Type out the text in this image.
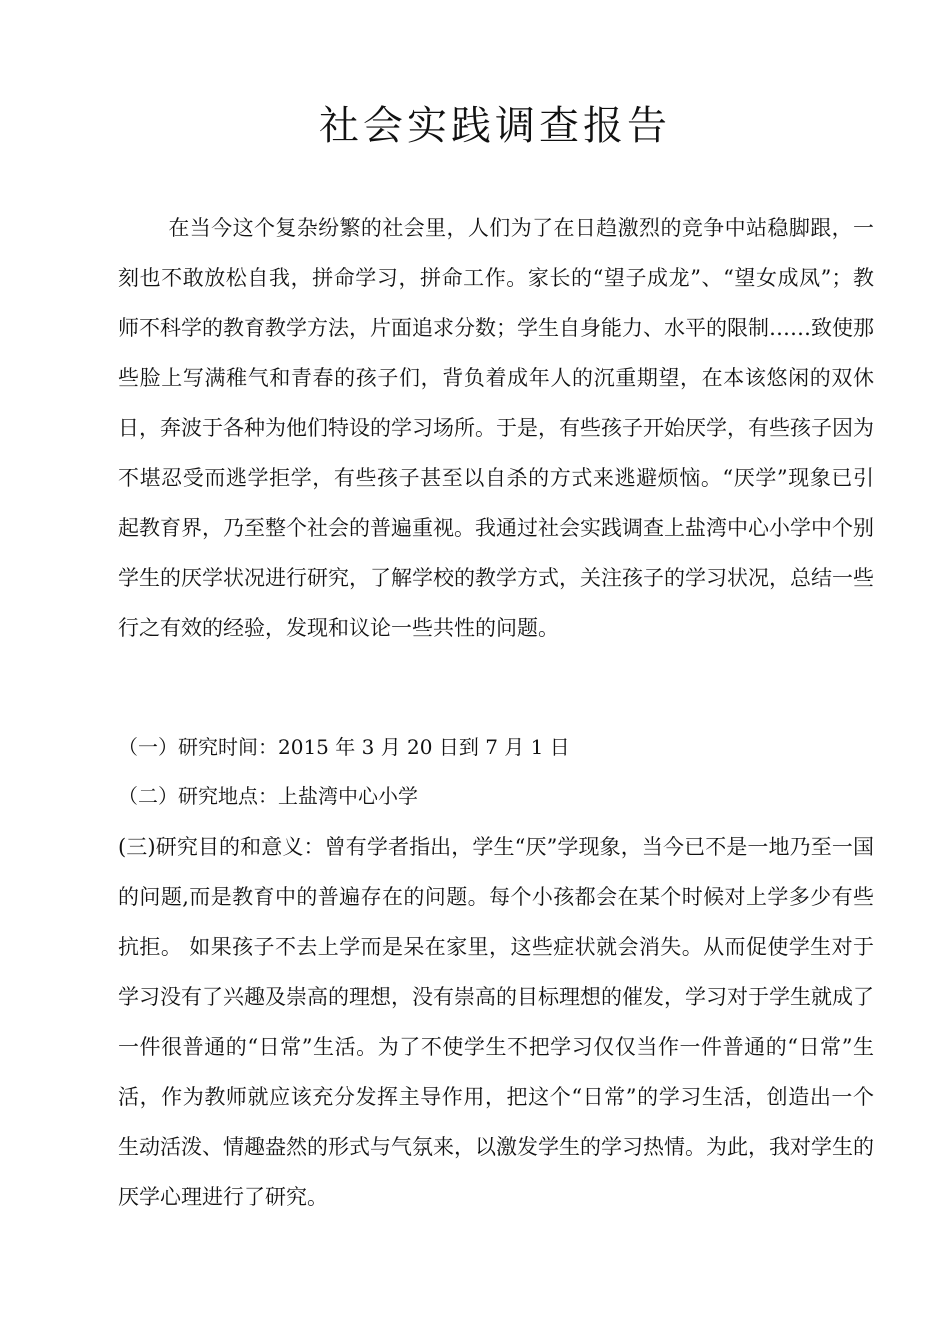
社会实践调查报告

在当今这个复杂纷繁的社会里，人们为了在日趋激烈的竞争中站稳脚跟，一刻也不敢放松自我，拼命学习，拼命工作。家长的“望子成龙”、“望女成凤”；教师不科学的教育教学方法，片面追求分数；学生自身能力、水平的限制……致使那些脸上写满稚气和青春的孩子们，背负着成年人的沉重期望，在本该悠闲的双休日，奔波于各种为他们特设的学习场所。于是，有些孩子开始厌学，有些孩子因为不堪忍受而逃学拒学，有些孩子甚至以自杀的方式来逃避烦恼。“厌学”现象已引起教育界，乃至整个社会的普遍重视。我通过社会实践调查上盐湾中心小学中个别学生的厌学状况进行研究，了解学校的教学方式，关注孩子的学习状况，总结一些行之有效的经验，发现和议论一些共性的问题。

（一）研究时间：2015 年 3 月 20 日到 7 月 1 日

（二）研究地点：上盐湾中心小学

(三)研究目的和意义：曾有学者指出，学生“厌”学现象，当今已不是一地乃至一国的问题,而是教育中的普遍存在的问题。每个小孩都会在某个时候对上学多少有些抗拒。 如果孩子不去上学而是呆在家里，这些症状就会消失。从而促使学生对于学习没有了兴趣及崇高的理想，没有崇高的目标理想的催发，学习对于学生就成了一件很普通的“日常”生活。为了不使学生不把学习仅仅当作一件普通的“日常”生活，作为教师就应该充分发挥主导作用，把这个“日常”的学习生活，创造出一个生动活泼、情趣盎然的形式与气氛来，以激发学生的学习热情。为此，我对学生的厌学心理进行了研究。
